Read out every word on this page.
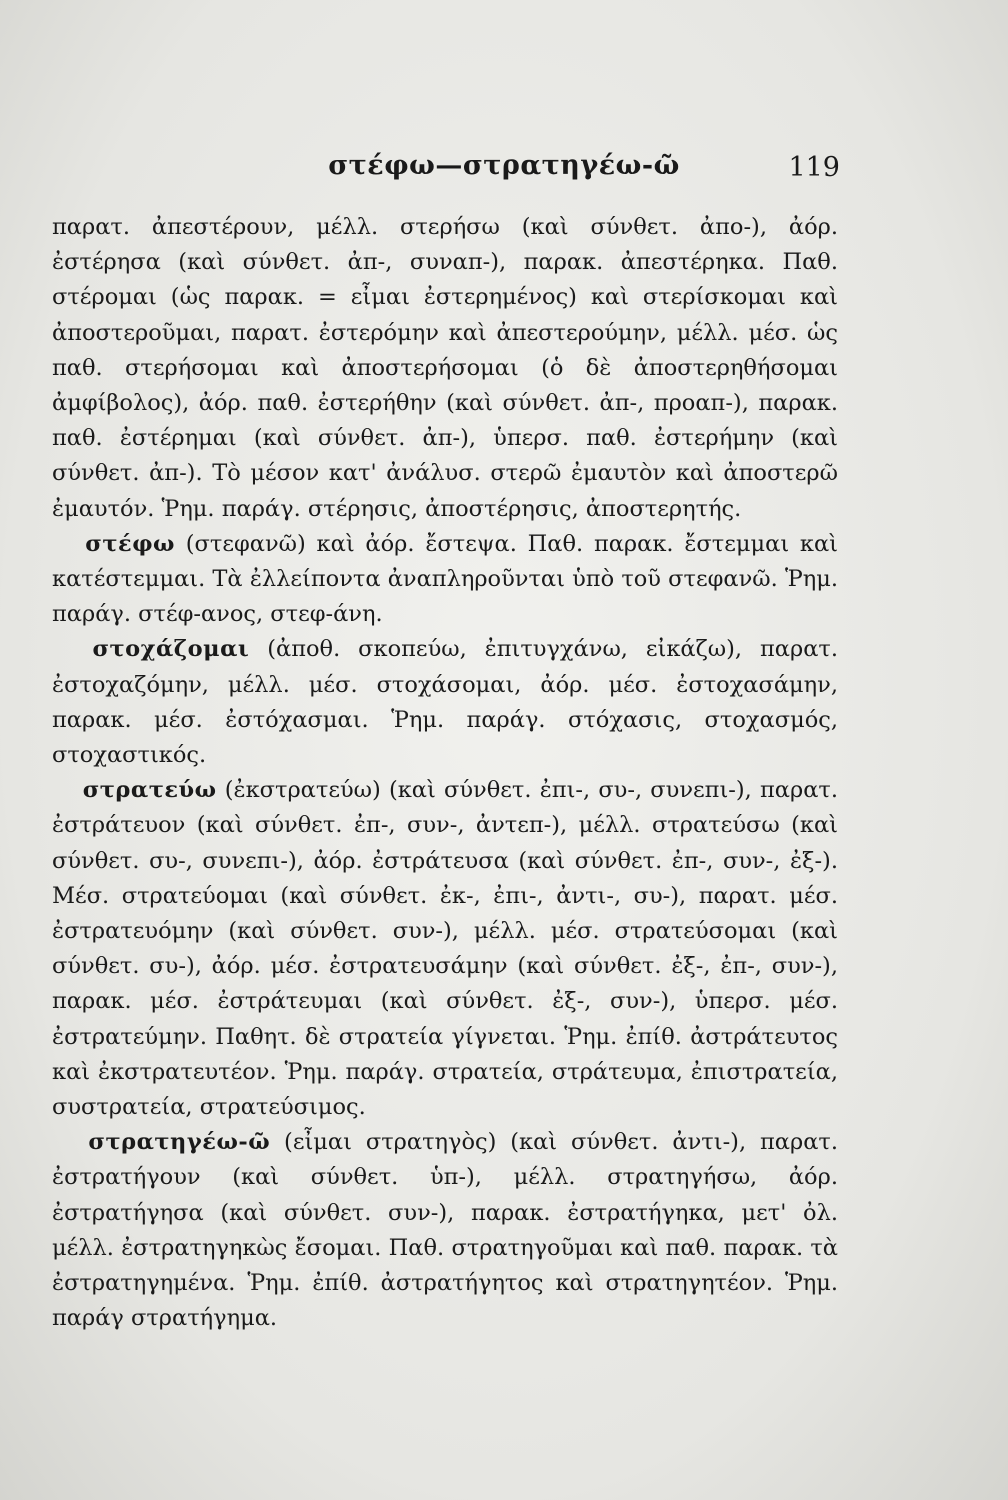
στέφω—στρατηγέω-ῶ	119

παρατ. ἀπεστέρουν, μέλλ. στερήσω (καὶ σύνθετ. ἀπο-), ἀόρ. ἐστέρησα (καὶ σύνθετ. ἀπ-, συναπ-), παρακ. ἀπεστέρηκα. Παθ. στέρομαι (ὡς παρακ. = εἶμαι ἐστερημένος) καὶ στερίσκομαι καὶ ἀποστεροῦμαι, παρατ. ἐστερόμην καὶ ἀπεστερούμην, μέλλ. μέσ. ὡς παθ. στερήσομαι καὶ ἀποστερήσομαι (ὁ δὲ ἀποστερηθήσομαι ἀμφίβολος), ἀόρ. παθ. ἐστερήθην (καὶ σύνθετ. ἀπ-, προαπ-), παρακ. παθ. ἐστέρημαι (καὶ σύνθετ. ἀπ-), ὑπερσ. παθ. ἐστερήμην (καὶ σύνθετ. ἀπ-). Τὸ μέσον κατ' ἀνάλυσ. στερῶ ἐμαυτὸν καὶ ἀποστερῶ ἐμαυτόν. Ῥημ. παράγ. στέρησις, ἀποστέρησις, ἀποστερητής.

  στέφω (στεφανῶ) καὶ ἀόρ. ἔστεψα. Παθ. παρακ. ἔστεμμαι καὶ κατέστεμμαι. Τὰ ἐλλείποντα ἀναπληροῦνται ὑπὸ τοῦ στεφανῶ. Ῥημ. παράγ. στέφ-ανος, στεφ-άνη.

  στοχάζομαι (ἀποθ. σκοπεύω, ἐπιτυγχάνω, εἰκάζω), παρατ. ἐστοχαζόμην, μέλλ. μέσ. στοχάσομαι, ἀόρ. μέσ. ἐστοχασάμην, παρακ. μέσ. ἐστόχασμαι. Ῥημ. παράγ. στόχασις, στοχασμός, στοχαστικός.

  στρατεύω (ἐκστρατεύω) (καὶ σύνθετ. ἐπι-, συ-, συνεπι-), παρατ. ἐστράτευον (καὶ σύνθετ. ἐπ-, συν-, ἀντεπ-), μέλλ. στρατεύσω (καὶ σύνθετ. συ-, συνεπι-), ἀόρ. ἐστράτευσα (καὶ σύνθετ. ἐπ-, συν-, ἐξ-). Μέσ. στρατεύομαι (καὶ σύνθετ. ἐκ-, ἐπι-, ἀντι-, συ-), παρατ. μέσ. ἐστρατευόμην (καὶ σύνθετ. συν-), μέλλ. μέσ. στρατεύσομαι (καὶ σύνθετ. συ-), ἀόρ. μέσ. ἐστρατευσάμην (καὶ σύνθετ. ἐξ-, ἐπ-, συν-), παρακ. μέσ. ἐστράτευμαι (καὶ σύνθετ. ἐξ-, συν-), ὑπερσ. μέσ. ἐστρατεύμην. Παθητ. δὲ στρατεία γίγνεται. Ῥημ. ἐπίθ. ἀστράτευτος καὶ ἐκστρατευτέον. Ῥημ. παράγ. στρατεία, στράτευμα, ἐπιστρατεία, συστρατεία, στρατεύσιμος.

  στρατηγέω-ῶ (εἶμαι στρατηγὸς) (καὶ σύνθετ. ἀντι-), παρατ. ἐστρατήγουν (καὶ σύνθετ. ὑπ-), μέλλ. στρατηγήσω, ἀόρ. ἐστρατήγησα (καὶ σύνθετ. συν-), παρακ. ἐστρατήγηκα, μετ' ὀλ. μέλλ. ἐστρατηγηκὼς ἔσομαι. Παθ. στρατηγοῦμαι καὶ παθ. παρακ. τὰ ἐστρατηγημένα. Ῥημ. ἐπίθ. ἀστρατήγητος καὶ στρατηγητέον. Ῥημ. παράγ στρατήγημα.
